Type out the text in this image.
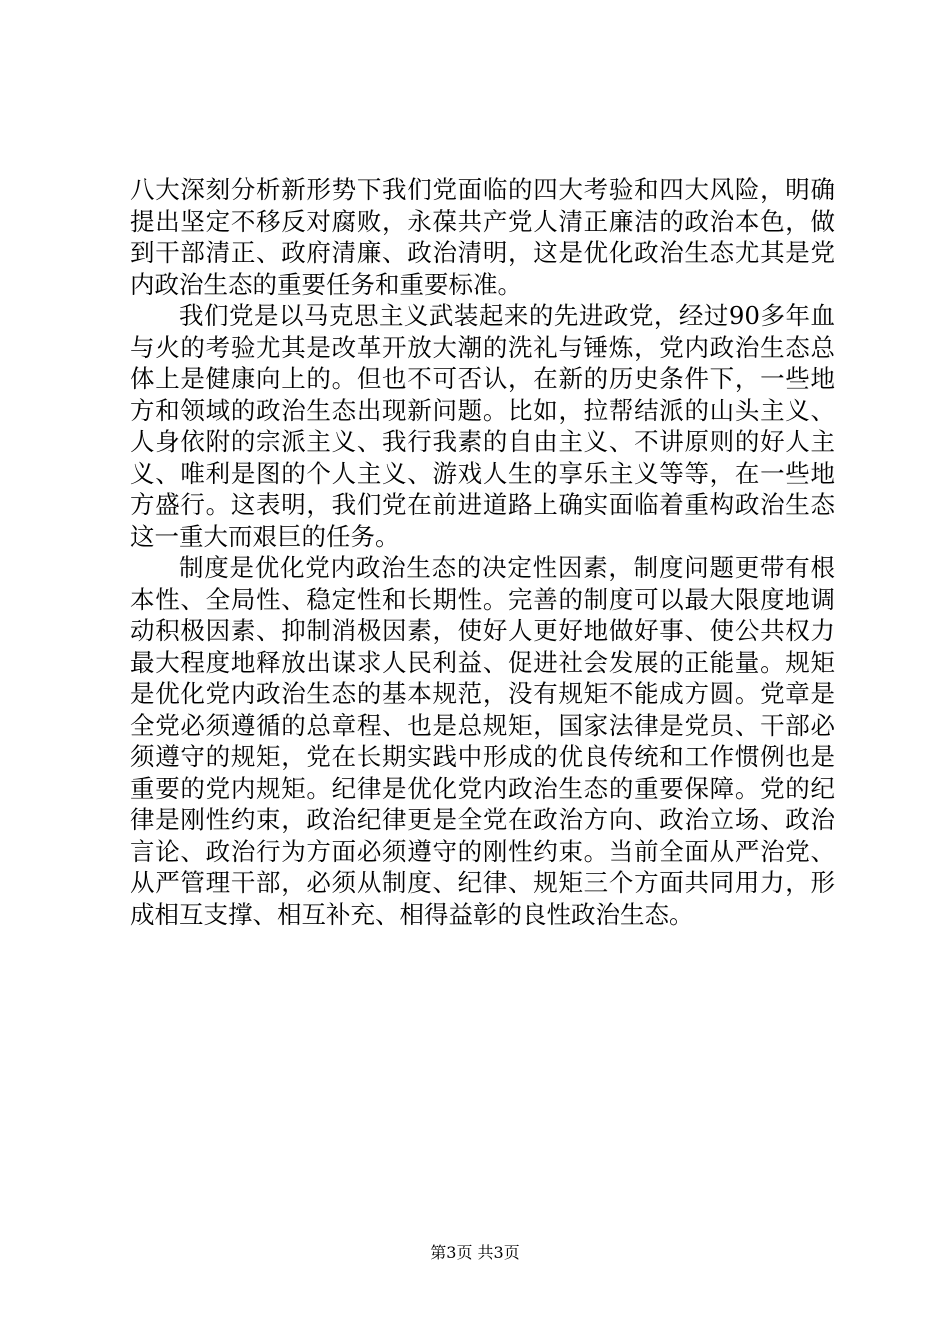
八大深刻分析新形势下我们党面临的四大考验和四大风险，明确提出坚定不移反对腐败，永葆共产党人清正廉洁的政治本色，做到干部清正、政府清廉、政治清明，这是优化政治生态尤其是党内政治生态的重要任务和重要标准。

我们党是以马克思主义武装起来的先进政党，经过90多年血与火的考验尤其是改革开放大潮的洗礼与锤炼，党内政治生态总体上是健康向上的。但也不可否认，在新的历史条件下，一些地方和领域的政治生态出现新问题。比如，拉帮结派的山头主义、人身依附的宗派主义、我行我素的自由主义、不讲原则的好人主义、唯利是图的个人主义、游戏人生的享乐主义等等，在一些地方盛行。这表明，我们党在前进道路上确实面临着重构政治生态这一重大而艰巨的任务。

制度是优化党内政治生态的决定性因素，制度问题更带有根本性、全局性、稳定性和长期性。完善的制度可以最大限度地调动积极因素、抑制消极因素，使好人更好地做好事、使公共权力最大程度地释放出谋求人民利益、促进社会发展的正能量。规矩是优化党内政治生态的基本规范，没有规矩不能成方圆。党章是全党必须遵循的总章程、也是总规矩，国家法律是党员、干部必须遵守的规矩，党在长期实践中形成的优良传统和工作惯例也是重要的党内规矩。纪律是优化党内政治生态的重要保障。党的纪律是刚性约束，政治纪律更是全党在政治方向、政治立场、政治言论、政治行为方面必须遵守的刚性约束。当前全面从严治党、从严管理干部，必须从制度、纪律、规矩三个方面共同用力，形成相互支撑、相互补充、相得益彰的良性政治生态。

第3页 共3页
